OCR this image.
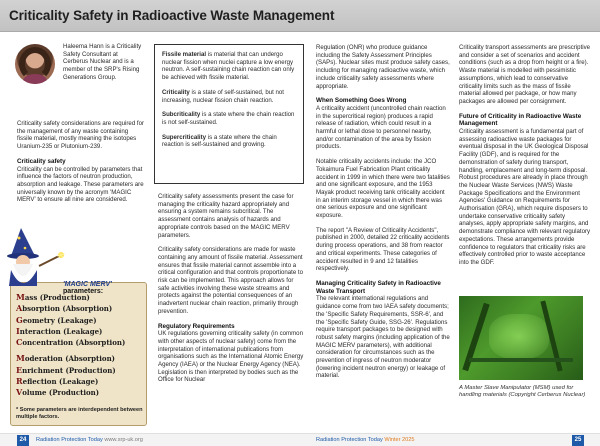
Criticality Safety in Radioactive Waste Management
Haleema Hann is a Criticality Safety Consultant at Cerberus Nuclear and is a member of the SRP's Rising Generations Group.

Criticality safety considerations are required for the management of any waste containing fissile material, mostly meaning the isotopes Uranium-235 or Plutonium-239.

Criticality safety

Criticality can be controlled by parameters that influence the factors of neutron production, absorption and leakage. These parameters are universally known by the acronym 'MAGIC MERV' to ensure all nine are considered.

Fissile material is material that can undergo nuclear fission when nuclei capture a low energy neutron. A self-sustaining chain reaction can only be achieved with fissile material.

Criticality is a state of self-sustained, but not increasing, nuclear fission chain reaction.

Subcriticality is a state where the chain reaction is not self-sustained.

Supercriticality is a state where the chain reaction is self-sustained and growing.

'MAGIC MERV' parameters:
Mass (Production)
Absorption (Absorption)
Geometry (Leakage)
Interaction (Leakage)
Concentration (Absorption)
Moderation (Absorption)
Enrichment (Production)
Reflection (Leakage)
Volume (Production)
* Some parameters are interdependent between multiple factors.

Criticality safety assessments present the case for managing the criticality hazard appropriately and ensuring a system remains subcritical. The assessment contains analysis of hazards and appropriate controls based on the MAGIC MERV parameters.

Criticality safety considerations are made for waste containing any amount of fissile material. Assessment ensures that fissile material cannot assemble into a critical configuration and that controls proportionate to risk can be implemented. This approach allows for safe activities involving these waste streams and protects against the potential consequences of an inadvertent nuclear chain reaction, primarily through prevention.

Regulatory Requirements

UK regulations governing criticality safety (in common with other aspects of nuclear safety) come from the interpretation of international publications from organisations such as the International Atomic Energy Agency (IAEA) or the Nuclear Energy Agency (NEA). Legislation is then interpreted by bodies such as the Office for Nuclear

Regulation (ONR) who produce guidance including the Safety Assessment Principles (SAPs). Nuclear sites must produce safety cases, including for managing radioactive waste, which include criticality safety assessments where appropriate.

When Something Goes Wrong

A criticality accident (uncontrolled chain reaction in the supercritical region) produces a rapid release of radiation, which could result in a harmful or lethal dose to personnel nearby, and/or contamination of the area by fission products.

Notable criticality accidents include: the JCO Tokaimura Fuel Fabrication Plant criticality accident in 1999 in which there were two fatalities and one significant exposure, and the 1953 Mayak product receiving tank criticality accident in an interim storage vessel in which there was one serious exposure and one significant exposure.

The report "A Review of Criticality Accidents", published in 2000, detailed 22 criticality accidents during process operations, and 38 from reactor and critical experiments. These categories of accident resulted in 9 and 12 fatalities respectively.

Managing Criticality Safety in Radioactive Waste Transport

The relevant international regulations and guidance come from two IAEA safety documents; the 'Specific Safety Requirements, SSR-6', and the 'Specific Safety Guide, SSG-26'. Regulations require transport packages to be designed with robust safety margins (including application of the MAGIC MERV parameters), with additional consideration for circumstances such as the prevention of ingress of neutron moderator (lowering incident neutron energy) or leakage of material.

Criticality transport assessments are prescriptive and consider a set of scenarios and accident conditions (such as a drop from height or a fire). Waste material is modelled with pessimistic assumptions, which lead to conservative criticality limits such as the mass of fissile material allowed per package, or how many packages are allowed per consignment.

Future of Criticality in Radioactive Waste Management

Criticality assessment is a fundamental part of assessing radioactive waste packages for eventual disposal in the UK Geological Disposal Facility (GDF), and is required for the demonstration of safety during transport, handling, emplacement and long-term disposal. Robust procedures are already in place through the Nuclear Waste Services (NWS) Waste Package Specifications and the Environment Agencies' Guidance on Requirements for Authorisation (GRA), which require disposers to undertake conservative criticality safety analyses, apply appropriate safety margins, and demonstrate compliance with relevant regulatory expectations. These arrangements provide confidence to regulators that criticality risks are effectively controlled prior to waste acceptance into the GDF.

A Master Slave Manipulator (MSM) used for handling materials (Copyright Cerberus Nuclear)
24	Radiation Protection Today www.srp-uk.org	Radiation Protection Today Winter 2025	25
